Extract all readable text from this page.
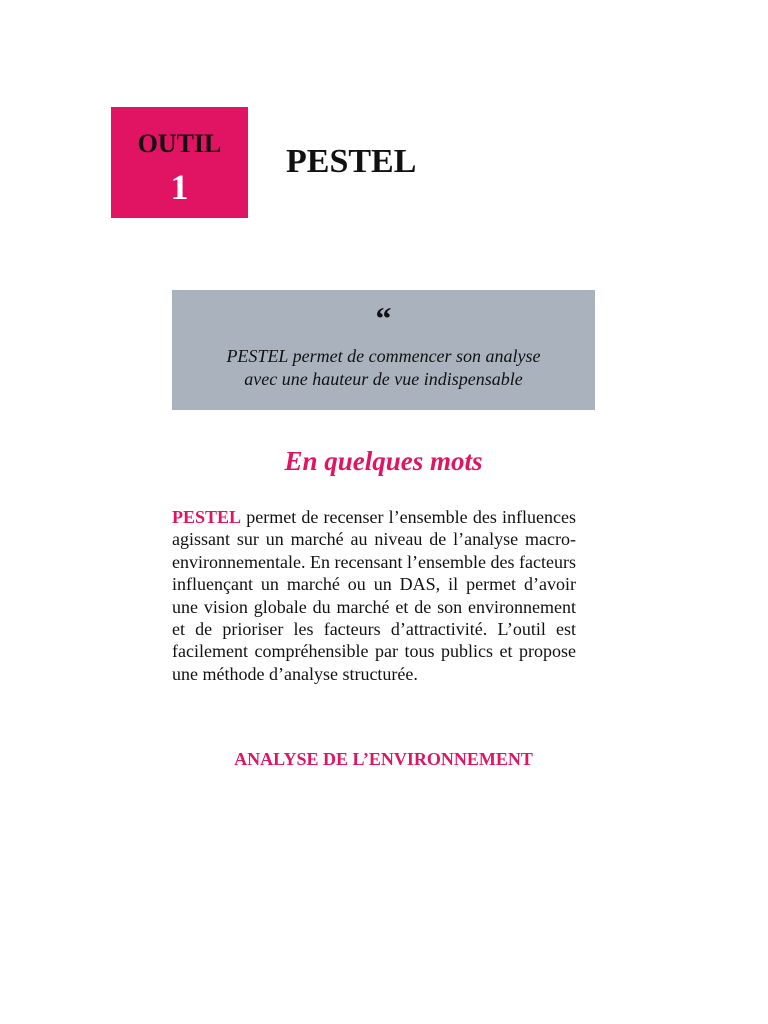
OUTIL
1
PESTEL
“
PESTEL permet de commencer son analyse
avec une hauteur de vue indispensable
En quelques mots

PESTEL permet de recenser l’ensemble des influences agissant sur un marché au niveau de l’analyse macro-environnementale. En recensant l’ensemble des facteurs influençant un marché ou un DAS, il permet d’avoir une vision globale du marché et de son environnement et de prioriser les facteurs d’attractivité. L’outil est facilement compréhensible par tous publics et propose une méthode d’analyse structurée.

ANALYSE DE L’ENVIRONNEMENT
